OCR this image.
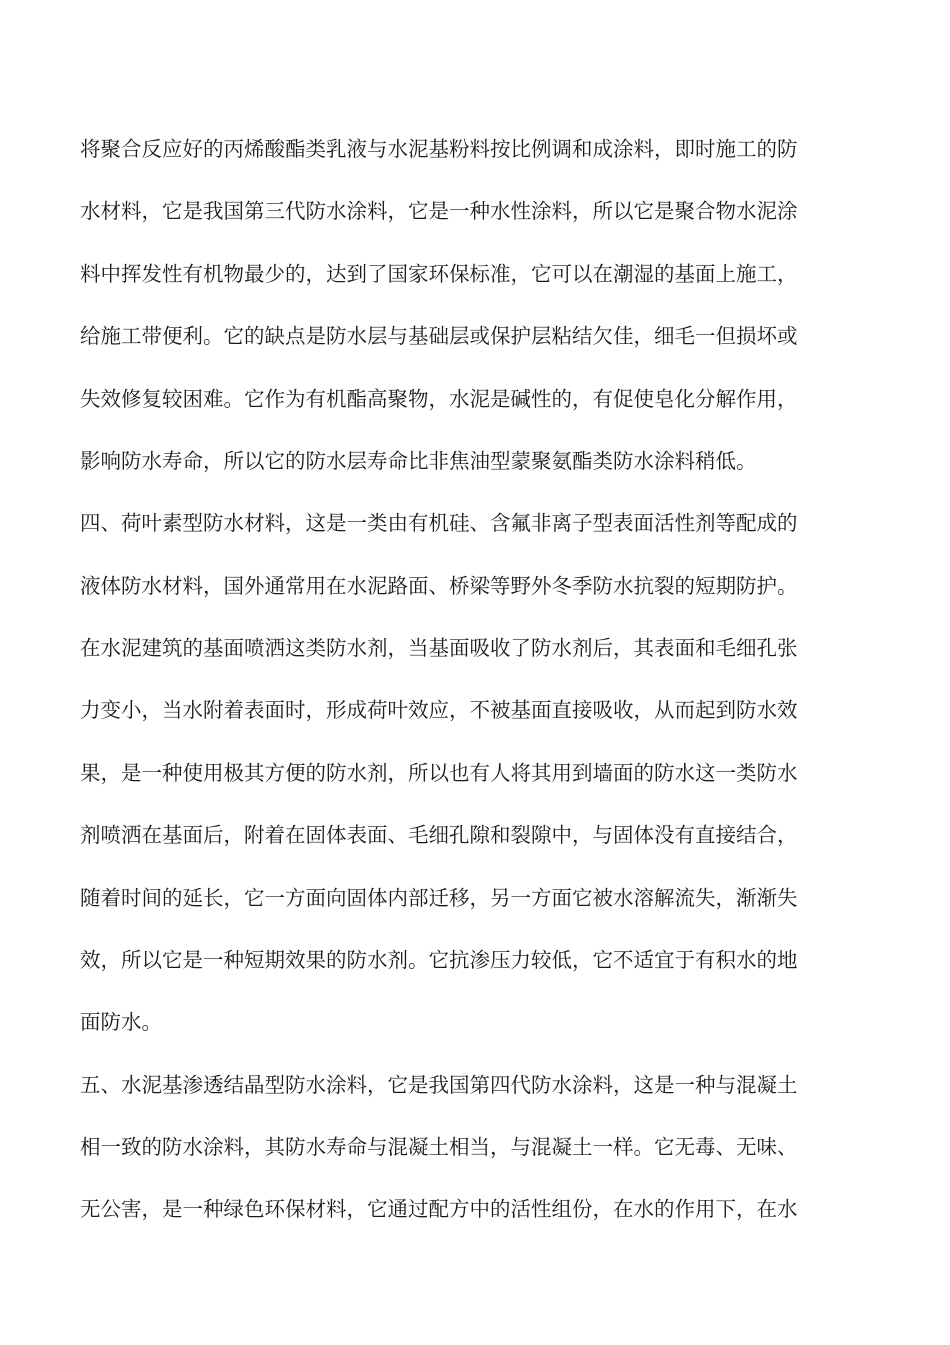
将聚合反应好的丙烯酸酯类乳液与水泥基粉料按比例调和成涂料，即时施工的防

水材料，它是我国第三代防水涂料，它是一种水性涂料，所以它是聚合物水泥涂

料中挥发性有机物最少的，达到了国家环保标准，它可以在潮湿的基面上施工，

给施工带便利。它的缺点是防水层与基础层或保护层粘结欠佳，细毛一但损坏或

失效修复较困难。它作为有机酯高聚物，水泥是碱性的，有促使皂化分解作用，

影响防水寿命，所以它的防水层寿命比非焦油型蒙聚氨酯类防水涂料稍低。

四、荷叶素型防水材料，这是一类由有机硅、含氟非离子型表面活性剂等配成的

液体防水材料，国外通常用在水泥路面、桥梁等野外冬季防水抗裂的短期防护。

在水泥建筑的基面喷洒这类防水剂，当基面吸收了防水剂后，其表面和毛细孔张

力变小，当水附着表面时，形成荷叶效应，不被基面直接吸收，从而起到防水效

果，是一种使用极其方便的防水剂，所以也有人将其用到墙面的防水这一类防水

剂喷洒在基面后，附着在固体表面、毛细孔隙和裂隙中，与固体没有直接结合，

随着时间的延长，它一方面向固体内部迁移，另一方面它被水溶解流失，渐渐失

效，所以它是一种短期效果的防水剂。它抗渗压力较低，它不适宜于有积水的地

面防水。

五、水泥基渗透结晶型防水涂料，它是我国第四代防水涂料，这是一种与混凝土

相一致的防水涂料，其防水寿命与混凝土相当，与混凝土一样。它无毒、无味、

无公害，是一种绿色环保材料，它通过配方中的活性组份，在水的作用下，在水
